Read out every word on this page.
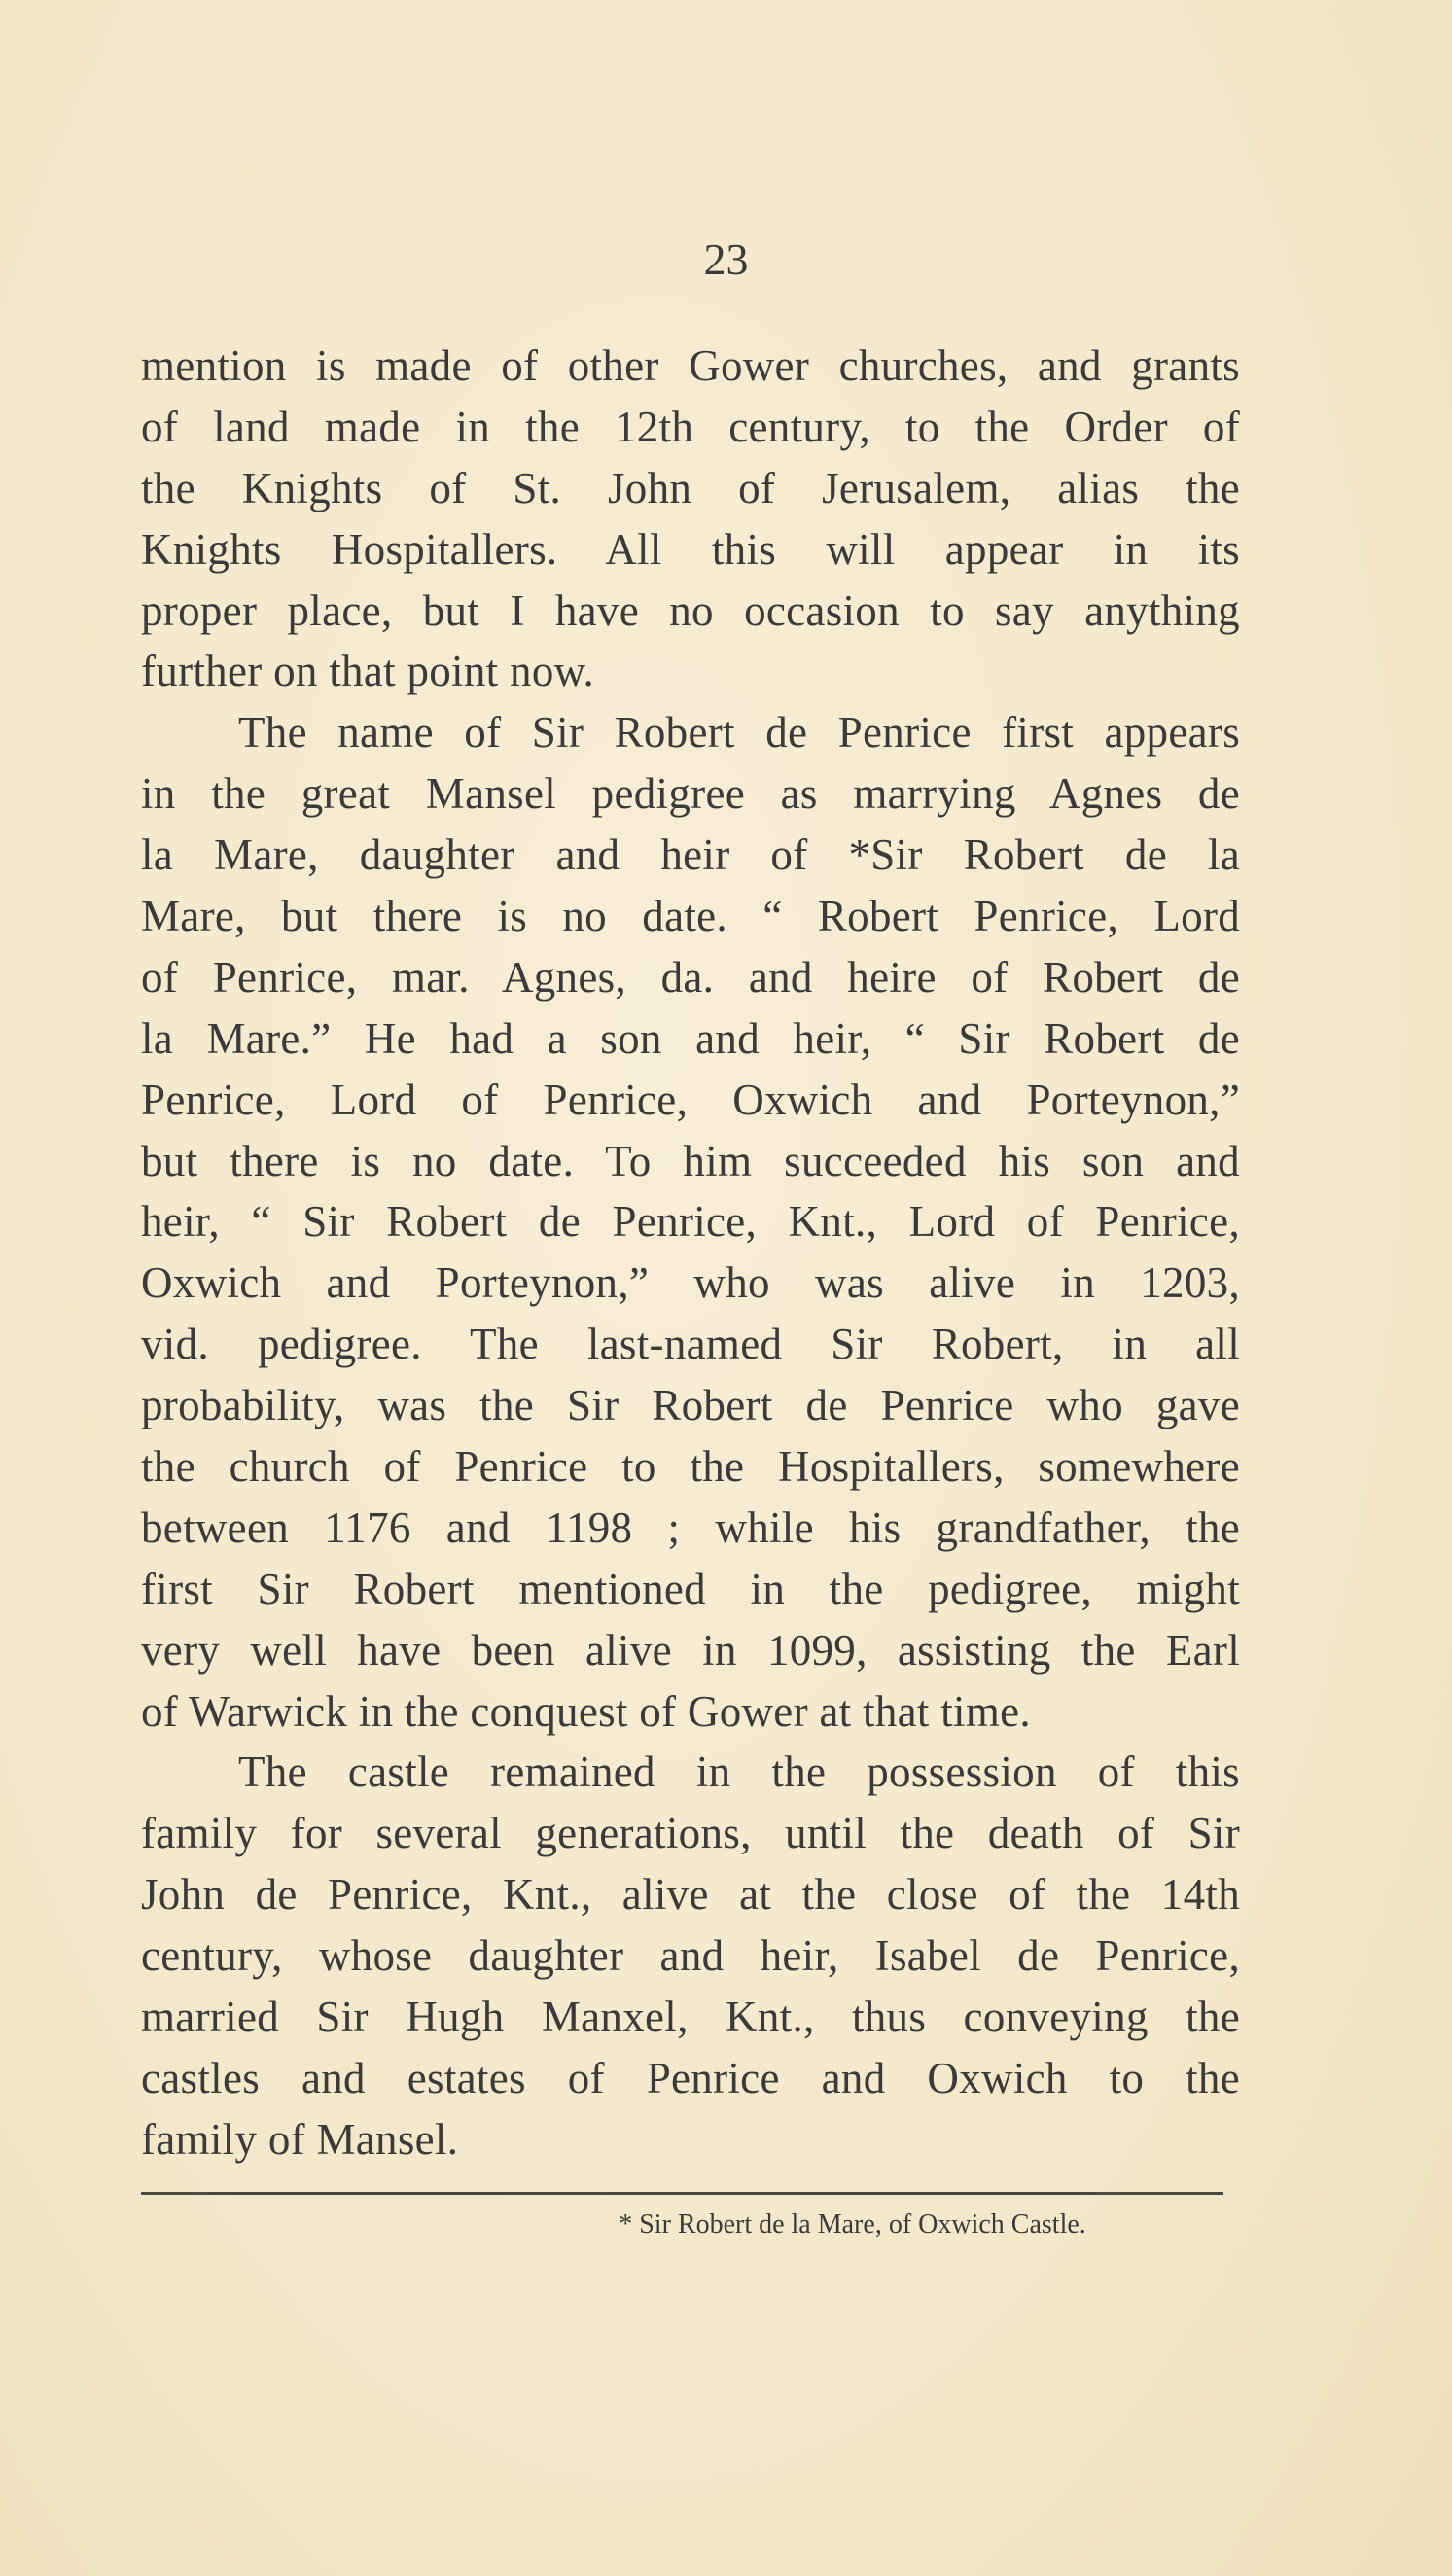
23
mention is made of other Gower churches, and grants
of land made in the 12th century, to the Order of
the Knights of St. John of Jerusalem, alias the
Knights Hospitallers. All this will appear in its
proper place, but I have no occasion to say anything
further on that point now.
The name of Sir Robert de Penrice first appears
in the great Mansel pedigree as marrying Agnes de
la Mare, daughter and heir of *Sir Robert de la
Mare, but there is no date. “ Robert Penrice, Lord
of Penrice, mar. Agnes, da. and heire of Robert de
la Mare.” He had a son and heir, “ Sir Robert de
Penrice, Lord of Penrice, Oxwich and Porteynon,”
but there is no date. To him succeeded his son and
heir, “ Sir Robert de Penrice, Knt., Lord of Penrice,
Oxwich and Porteynon,” who was alive in 1203,
vid. pedigree. The last-named Sir Robert, in all
probability, was the Sir Robert de Penrice who gave
the church of Penrice to the Hospitallers, somewhere
between 1176 and 1198 ; while his grandfather, the
first Sir Robert mentioned in the pedigree, might
very well have been alive in 1099, assisting the Earl
of Warwick in the conquest of Gower at that time.
The castle remained in the possession of this
family for several generations, until the death of Sir
John de Penrice, Knt., alive at the close of the 14th
century, whose daughter and heir, Isabel de Penrice,
married Sir Hugh Manxel, Knt., thus conveying the
castles and estates of Penrice and Oxwich to the
family of Mansel.
* Sir Robert de la Mare, of Oxwich Castle.
